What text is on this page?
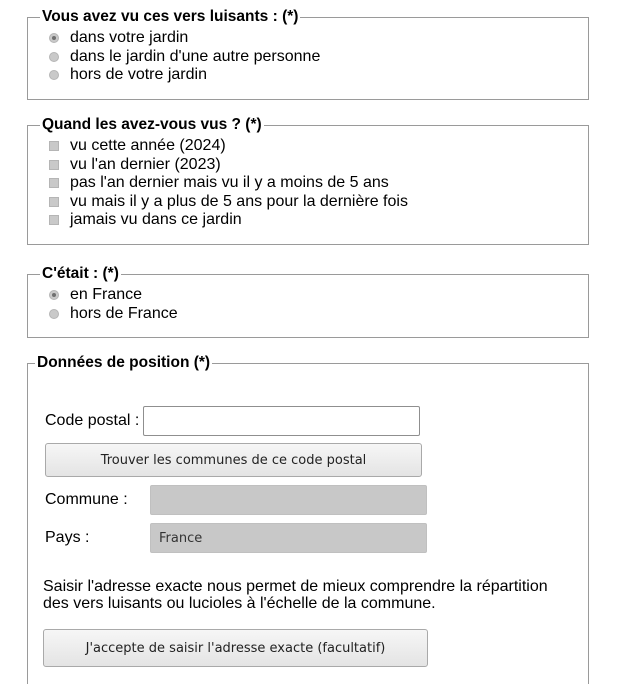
Vous avez vu ces vers luisants : (*)
dans votre jardin
dans le jardin d'une autre personne
hors de votre jardin
Quand les avez-vous vus ? (*)
vu cette année (2024)
vu l'an dernier (2023)
pas l'an dernier mais vu il y a moins de 5 ans
vu mais il y a plus de 5 ans pour la dernière fois
jamais vu dans ce jardin
C'était : (*)
en France
hors de France
Données de position (*)
Code postal :
Trouver les communes de ce code postal
Commune :
Pays :	France
Saisir l'adresse exacte nous permet de mieux comprendre la répartition des vers luisants ou lucioles à l'échelle de la commune.
J'accepte de saisir l'adresse exacte (facultatif)
